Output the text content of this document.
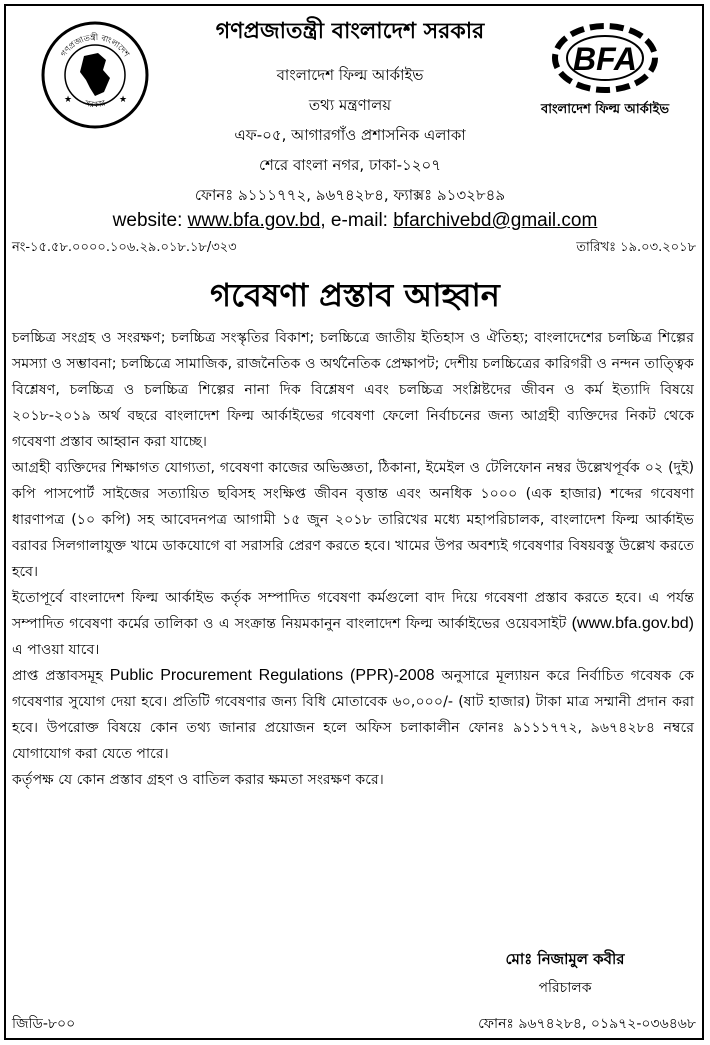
গণপ্রজাতন্ত্রী বাংলাদেশ
সরকার
★	★
BFA
বাংলাদেশ ফিল্ম আর্কাইভ
গণপ্রজাতন্ত্রী বাংলাদেশ সরকার
বাংলাদেশ ফিল্ম আর্কাইভ
তথ্য মন্ত্রণালয়
এফ-০৫, আগারগাঁও প্রশাসনিক এলাকা
শেরে বাংলা নগর, ঢাকা-১২০৭
ফোনঃ ৯১১১৭৭২, ৯৬৭৪২৮৪, ফ্যাক্সঃ ৯১৩২৮৪৯
website: www.bfa.gov.bd, e-mail: bfarchivebd@gmail.com
নং-১৫.৫৮.০০০০.১০৬.২৯.০১৮.১৮/৩২৩	তারিখঃ ১৯.০৩.২০১৮
গবেষণা প্রস্তাব আহ্বান

চলচ্চিত্র সংগ্রহ ও সংরক্ষণ; চলচ্চিত্র সংস্কৃতির বিকাশ; চলচ্চিত্রে জাতীয় ইতিহাস ও ঐতিহ্য; বাংলাদেশের চলচ্চিত্র শিল্পের সমস্যা ও সম্ভাবনা; চলচ্চিত্রে সামাজিক, রাজনৈতিক ও অর্থনৈতিক প্রেক্ষাপট; দেশীয় চলচ্চিত্রের কারিগরী ও নন্দন তাত্ত্বিক বিশ্লেষণ, চলচ্চিত্র ও চলচ্চিত্র শিল্পের নানা দিক বিশ্লেষণ এবং চলচ্চিত্র সংশ্লিষ্টদের জীবন ও কর্ম ইত্যাদি বিষয়ে ২০১৮-২০১৯ অর্থ বছরে বাংলাদেশ ফিল্ম আর্কাইভের গবেষণা ফেলো নির্বাচনের জন্য আগ্রহী ব্যক্তিদের নিকট থেকে গবেষণা প্রস্তাব আহ্বান করা যাচ্ছে।

আগ্রহী ব্যক্তিদের শিক্ষাগত যোগ্যতা, গবেষণা কাজের অভিজ্ঞতা, ঠিকানা, ইমেইল ও টেলিফোন নম্বর উল্লেখপূর্বক ০২ (দুই) কপি পাসপোর্ট সাইজের সত্যায়িত ছবিসহ সংক্ষিপ্ত জীবন বৃত্তান্ত এবং অনধিক ১০০০ (এক হাজার) শব্দের গবেষণা ধারণাপত্র (১০ কপি) সহ আবেদনপত্র আগামী ১৫ জুন ২০১৮ তারিখের মধ্যে মহাপরিচালক, বাংলাদেশ ফিল্ম আর্কাইভ বরাবর সিলগালাযুক্ত খামে ডাকযোগে বা সরাসরি প্রেরণ করতে হবে। খামের উপর অবশ্যই গবেষণার বিষয়বস্তু উল্লেখ করতে হবে।

ইতোপূর্বে বাংলাদেশ ফিল্ম আর্কাইভ কর্তৃক সম্পাদিত গবেষণা কর্মগুলো বাদ দিয়ে গবেষণা প্রস্তাব করতে হবে। এ পর্যন্ত সম্পাদিত গবেষণা কর্মের তালিকা ও এ সংক্রান্ত নিয়মকানুন বাংলাদেশ ফিল্ম আর্কাইভের ওয়েবসাইট (www.bfa.gov.bd) এ পাওয়া যাবে।

প্রাপ্ত প্রস্তাবসমূহ Public Procurement Regulations (PPR)-2008 অনুসারে মূল্যায়ন করে নির্বাচিত গবেষক কে গবেষণার সুযোগ দেয়া হবে। প্রতিটি গবেষণার জন্য বিধি মোতাবেক ৬০,০০০/- (ষাট হাজার) টাকা মাত্র সম্মানী প্রদান করা হবে। উপরোক্ত বিষয়ে কোন তথ্য জানার প্রয়োজন হলে অফিস চলাকালীন ফোনঃ ৯১১১৭৭২, ৯৬৭৪২৮৪ নম্বরে যোগাযোগ করা যেতে পারে।

কর্তৃপক্ষ যে কোন প্রস্তাব গ্রহণ ও বাতিল করার ক্ষমতা সংরক্ষণ করে।

মোঃ নিজামুল কবীর
পরিচালক
জিডি-৮০০	ফোনঃ ৯৬৭৪২৮৪, ০১৯৭২-০৩৬৪৬৮
